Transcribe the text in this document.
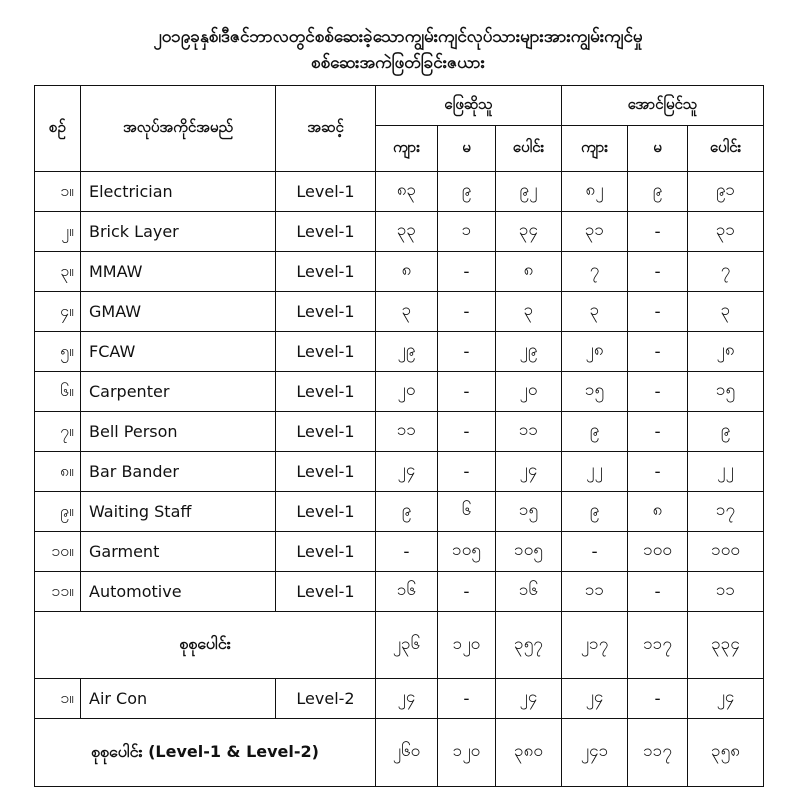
၂၀၁၉ခုနှစ်၊ဒီဇင်ဘာလတွင်စစ်ဆေးခဲ့သောကျွမ်းကျင်လုပ်သားများအားကျွမ်းကျင်မှု
စစ်ဆေးအကဲဖြတ်ခြင်းဇယား
စဉ်	အလုပ်အကိုင်အမည်	အဆင့်	ဖြေဆိုသူ			အောင်မြင်သူ		
			ကျား	မ	ပေါင်း	ကျား	မ	ပေါင်း
၁။	Electrician	Level-1	၈၃	၉	၉၂	၈၂	၉	၉၁
၂။	Brick Layer	Level-1	၃၃	၁	၃၄	၃၁	-	၃၁
၃။	MMAW	Level-1	၈	-	၈	၇	-	၇
၄။	GMAW	Level-1	၃	-	၃	၃	-	၃
၅။	FCAW	Level-1	၂၉	-	၂၉	၂၈	-	၂၈
၆။	Carpenter	Level-1	၂၀	-	၂၀	၁၅	-	၁၅
၇။	Bell Person	Level-1	၁၁	-	၁၁	၉	-	၉
၈။	Bar Bander	Level-1	၂၄	-	၂၄	၂၂	-	၂၂
၉။	Waiting Staff	Level-1	၉	၆	၁၅	၉	၈	၁၇
၁၀။	Garment	Level-1	-	၁၀၅	၁၀၅	-	၁၀၀	၁၀၀
၁၁။	Automotive	Level-1	၁၆	-	၁၆	၁၁	-	၁၁
စုစုပေါင်း			၂၃၆	၁၂၀	၃၅၇	၂၁၇	၁၁၇	၃၃၄
၁။	Air Con	Level-2	၂၄	-	၂၄	၂၄	-	၂၄
စုစုပေါင်း (Level-1 & Level-2)			၂၆၀	၁၂၀	၃၈၀	၂၄၁	၁၁၇	၃၅၈
